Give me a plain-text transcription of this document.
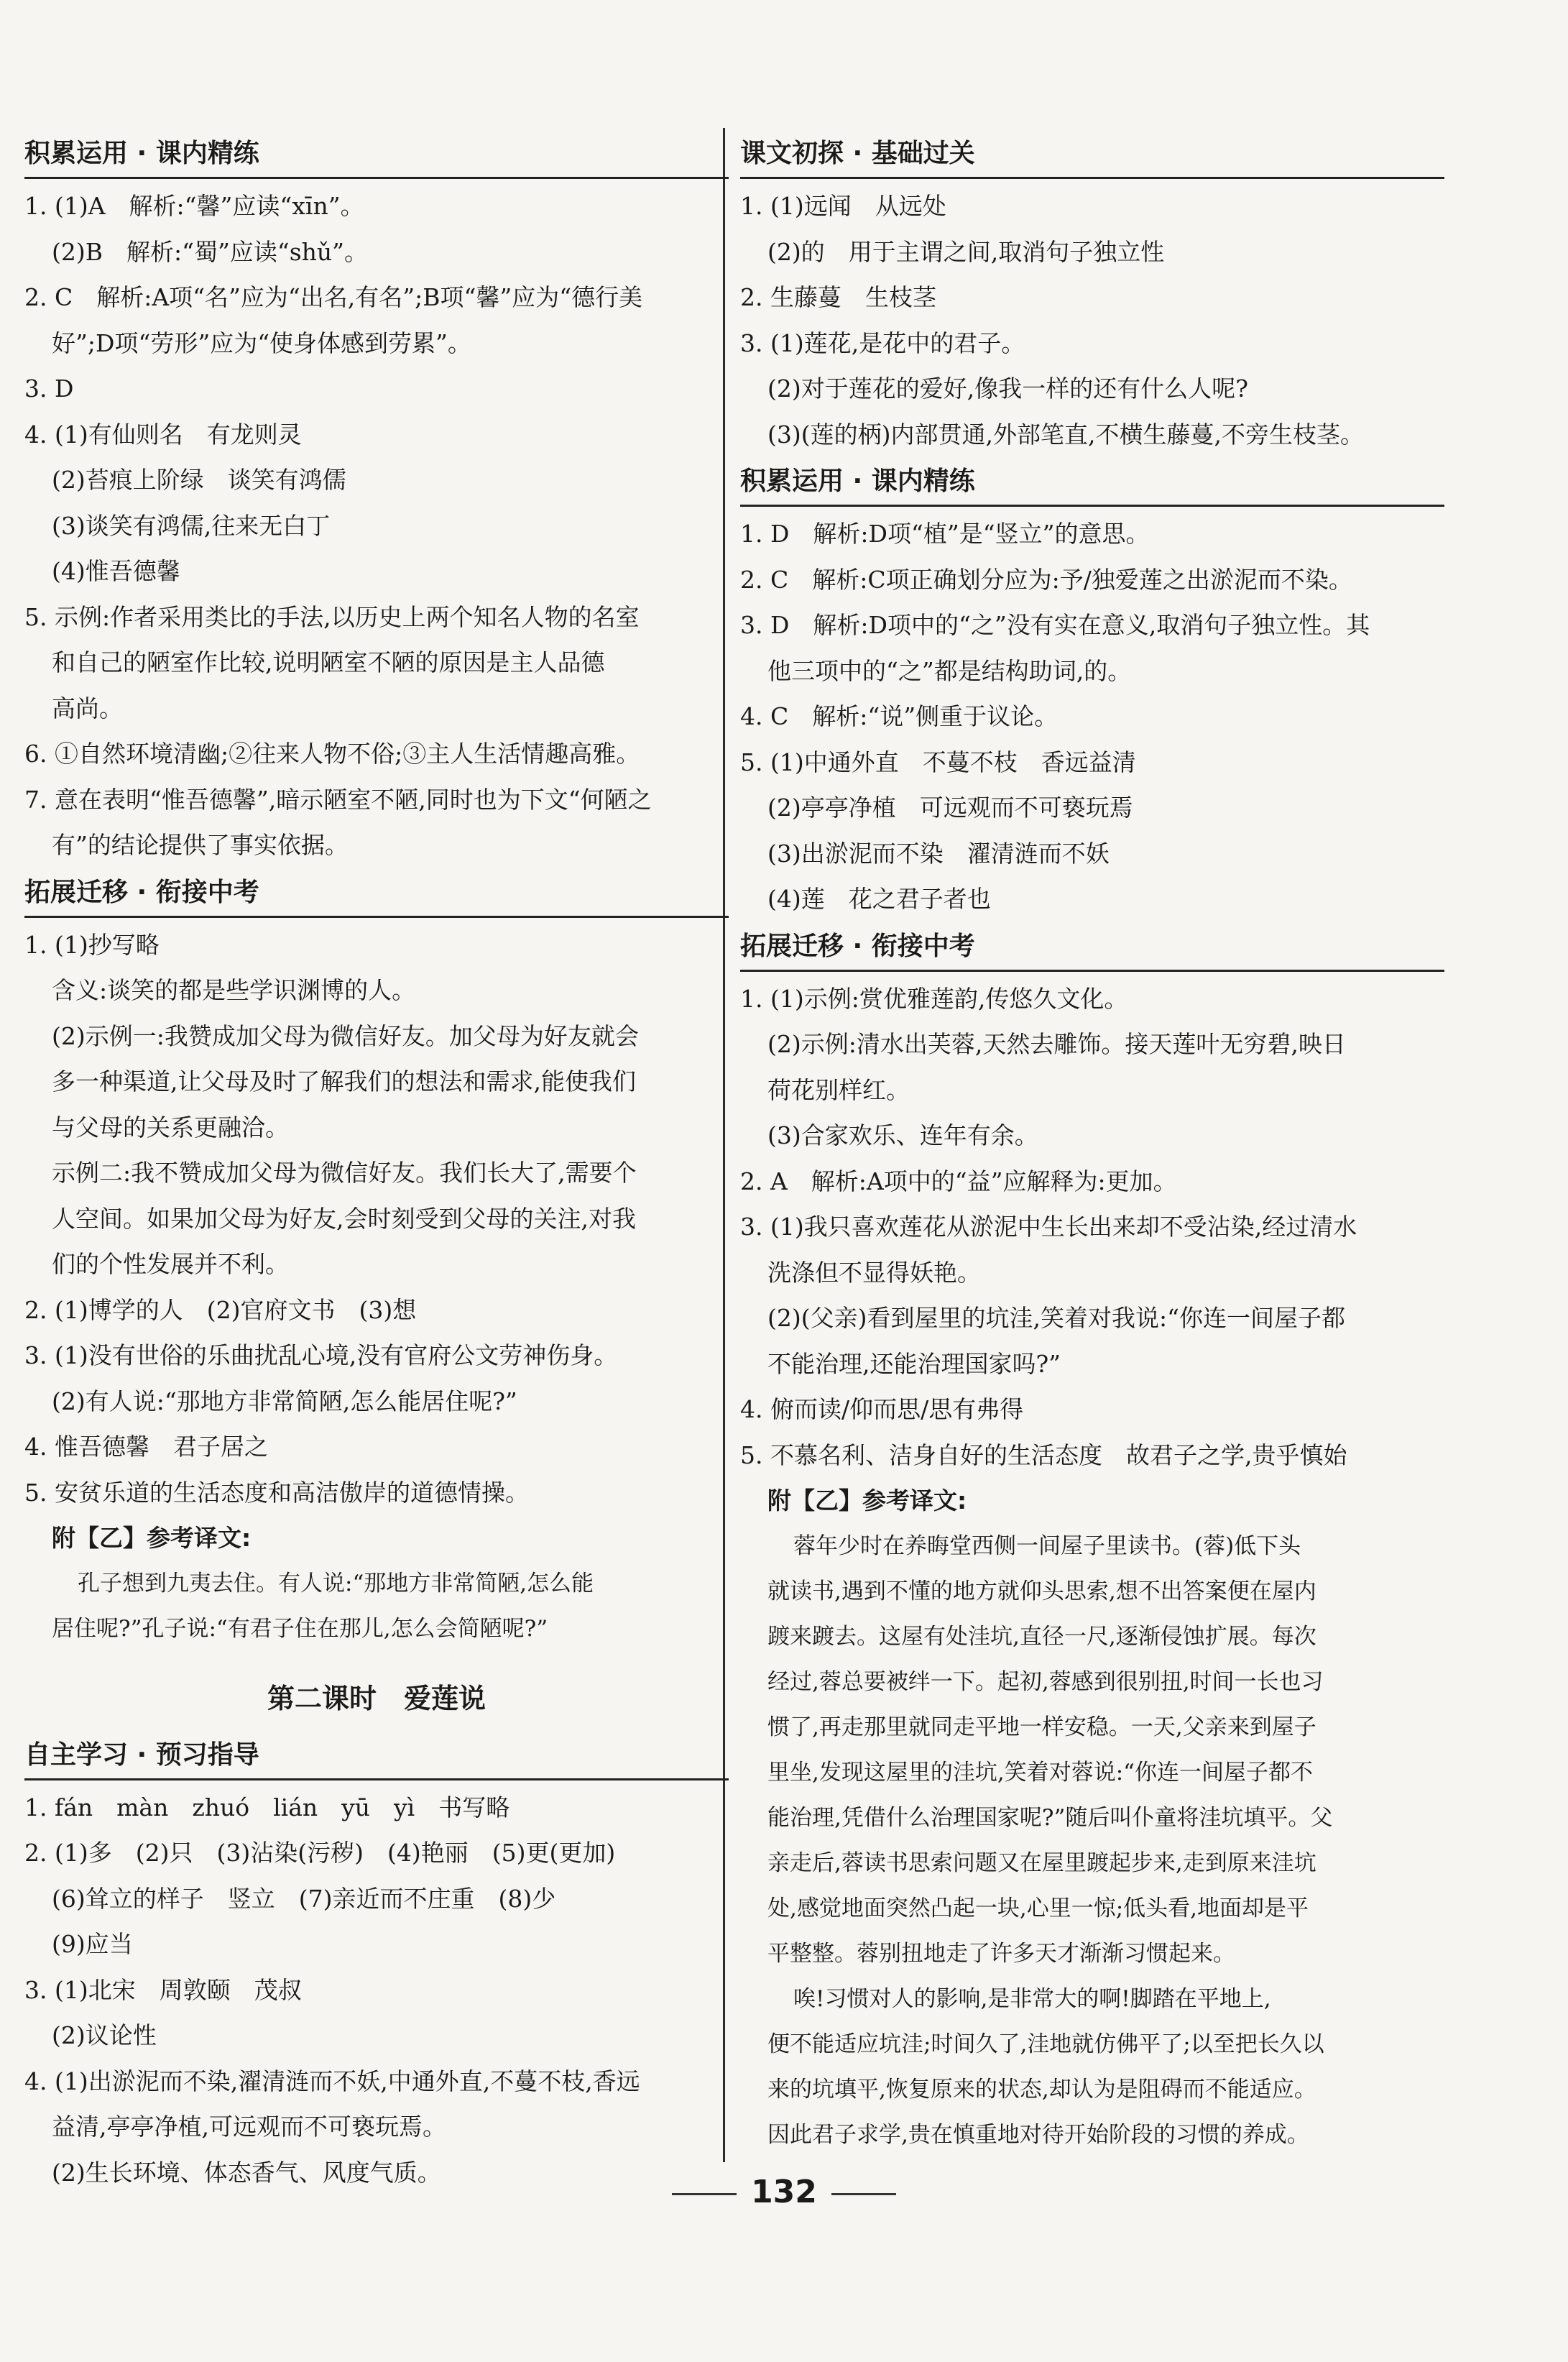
积累运用 · 课内精练
1. (1)A　解析:“馨”应读“xīn”。
(2)B　解析:“蜀”应读“shǔ”。
2. C　解析:A项“名”应为“出名,有名”;B项“馨”应为“德行美
好”;D项“劳形”应为“使身体感到劳累”。
3. D
4. (1)有仙则名　有龙则灵
(2)苔痕上阶绿　谈笑有鸿儒
(3)谈笑有鸿儒,往来无白丁
(4)惟吾德馨
5. 示例:作者采用类比的手法,以历史上两个知名人物的名室
和自己的陋室作比较,说明陋室不陋的原因是主人品德
高尚。
6. ①自然环境清幽;②往来人物不俗;③主人生活情趣高雅。
7. 意在表明“惟吾德馨”,暗示陋室不陋,同时也为下文“何陋之
有”的结论提供了事实依据。
拓展迁移 · 衔接中考
1. (1)抄写略
含义:谈笑的都是些学识渊博的人。
(2)示例一:我赞成加父母为微信好友。加父母为好友就会
多一种渠道,让父母及时了解我们的想法和需求,能使我们
与父母的关系更融洽。
示例二:我不赞成加父母为微信好友。我们长大了,需要个
人空间。如果加父母为好友,会时刻受到父母的关注,对我
们的个性发展并不利。
2. (1)博学的人　(2)官府文书　(3)想
3. (1)没有世俗的乐曲扰乱心境,没有官府公文劳神伤身。
(2)有人说:“那地方非常简陋,怎么能居住呢?”
4. 惟吾德馨　君子居之
5. 安贫乐道的生活态度和高洁傲岸的道德情操。
附【乙】参考译文:
孔子想到九夷去住。有人说:“那地方非常简陋,怎么能
居住呢?”孔子说:“有君子住在那儿,怎么会简陋呢?”
第二课时　爱莲说
自主学习 · 预习指导
1. fán　màn　zhuó　lián　yū　yì　书写略
2. (1)多　(2)只　(3)沾染(污秽)　(4)艳丽　(5)更(更加)
(6)耸立的样子　竖立　(7)亲近而不庄重　(8)少
(9)应当
3. (1)北宋　周敦颐　茂叔
(2)议论性
4. (1)出淤泥而不染,濯清涟而不妖,中通外直,不蔓不枝,香远
益清,亭亭净植,可远观而不可亵玩焉。
(2)生长环境、体态香气、风度气质。
课文初探 · 基础过关
1. (1)远闻　从远处
(2)的　用于主谓之间,取消句子独立性
2. 生藤蔓　生枝茎
3. (1)莲花,是花中的君子。
(2)对于莲花的爱好,像我一样的还有什么人呢?
(3)(莲的柄)内部贯通,外部笔直,不横生藤蔓,不旁生枝茎。
积累运用 · 课内精练
1. D　解析:D项“植”是“竖立”的意思。
2. C　解析:C项正确划分应为:予/独爱莲之出淤泥而不染。
3. D　解析:D项中的“之”没有实在意义,取消句子独立性。其
他三项中的“之”都是结构助词,的。
4. C　解析:“说”侧重于议论。
5. (1)中通外直　不蔓不枝　香远益清
(2)亭亭净植　可远观而不可亵玩焉
(3)出淤泥而不染　濯清涟而不妖
(4)莲　花之君子者也
拓展迁移 · 衔接中考
1. (1)示例:赏优雅莲韵,传悠久文化。
(2)示例:清水出芙蓉,天然去雕饰。接天莲叶无穷碧,映日
荷花别样红。
(3)合家欢乐、连年有余。
2. A　解析:A项中的“益”应解释为:更加。
3. (1)我只喜欢莲花从淤泥中生长出来却不受沾染,经过清水
洗涤但不显得妖艳。
(2)(父亲)看到屋里的坑洼,笑着对我说:“你连一间屋子都
不能治理,还能治理国家吗?”
4. 俯而读/仰而思/思有弗得
5. 不慕名利、洁身自好的生活态度　故君子之学,贵乎慎始
附【乙】参考译文:
蓉年少时在养晦堂西侧一间屋子里读书。(蓉)低下头
就读书,遇到不懂的地方就仰头思索,想不出答案便在屋内
踱来踱去。这屋有处洼坑,直径一尺,逐渐侵蚀扩展。每次
经过,蓉总要被绊一下。起初,蓉感到很别扭,时间一长也习
惯了,再走那里就同走平地一样安稳。一天,父亲来到屋子
里坐,发现这屋里的洼坑,笑着对蓉说:“你连一间屋子都不
能治理,凭借什么治理国家呢?”随后叫仆童将洼坑填平。父
亲走后,蓉读书思索问题又在屋里踱起步来,走到原来洼坑
处,感觉地面突然凸起一块,心里一惊;低头看,地面却是平
平整整。蓉别扭地走了许多天才渐渐习惯起来。
唉!习惯对人的影响,是非常大的啊!脚踏在平地上,
便不能适应坑洼;时间久了,洼地就仿佛平了;以至把长久以
来的坑填平,恢复原来的状态,却认为是阻碍而不能适应。
因此君子求学,贵在慎重地对待开始阶段的习惯的养成。
132
